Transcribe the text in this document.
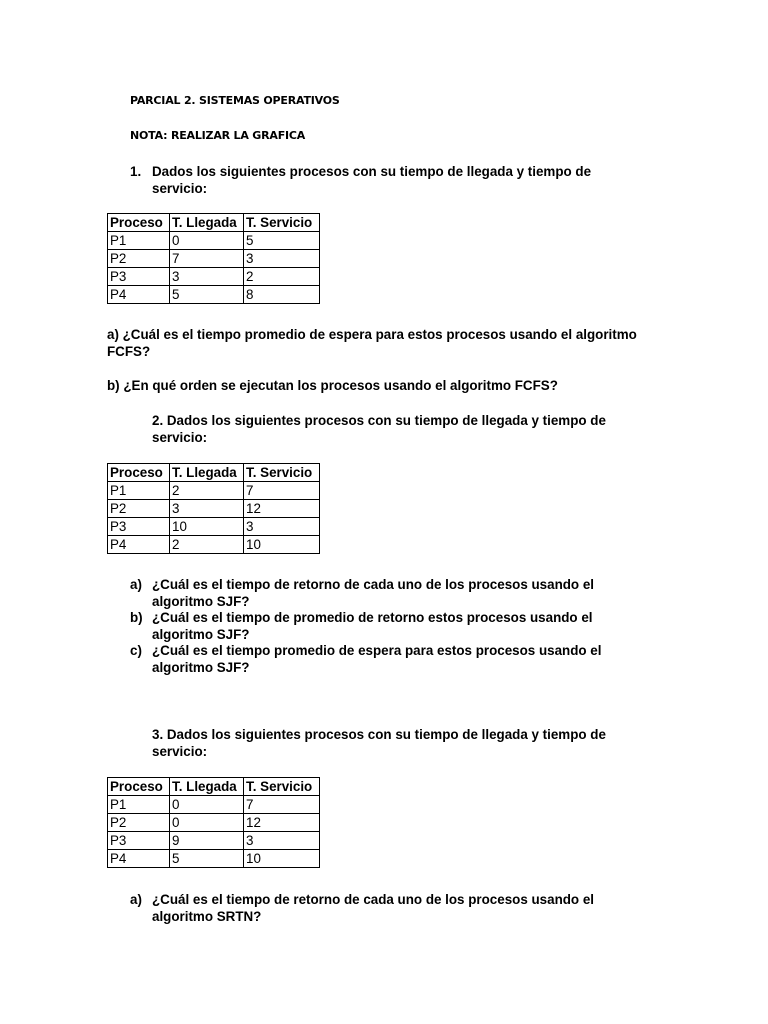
PARCIAL 2. SISTEMAS OPERATIVOS
NOTA: REALIZAR LA GRAFICA
1. Dados los siguientes procesos con su tiempo de llegada y tiempo de servicio:
Proceso	T. Llegada	T. Servicio
P1	0	5
P2	7	3
P3	3	2
P4	5	8
a) ¿Cuál es el tiempo promedio de espera para estos procesos usando el algoritmo FCFS?
b) ¿En qué orden se ejecutan los procesos usando el algoritmo FCFS?
2. Dados los siguientes procesos con su tiempo de llegada y tiempo de servicio:
Proceso	T. Llegada	T. Servicio
P1	2	7
P2	3	12
P3	10	3
P4	2	10
a) ¿Cuál es el tiempo de retorno de cada uno de los procesos usando el algoritmo SJF?
b) ¿Cuál es el tiempo de promedio de retorno estos procesos usando el algoritmo SJF?
c) ¿Cuál es el tiempo promedio de espera para estos procesos usando el algoritmo SJF?
3. Dados los siguientes procesos con su tiempo de llegada y tiempo de servicio:
Proceso	T. Llegada	T. Servicio
P1	0	7
P2	0	12
P3	9	3
P4	5	10
a) ¿Cuál es el tiempo de retorno de cada uno de los procesos usando el algoritmo SRTN?
